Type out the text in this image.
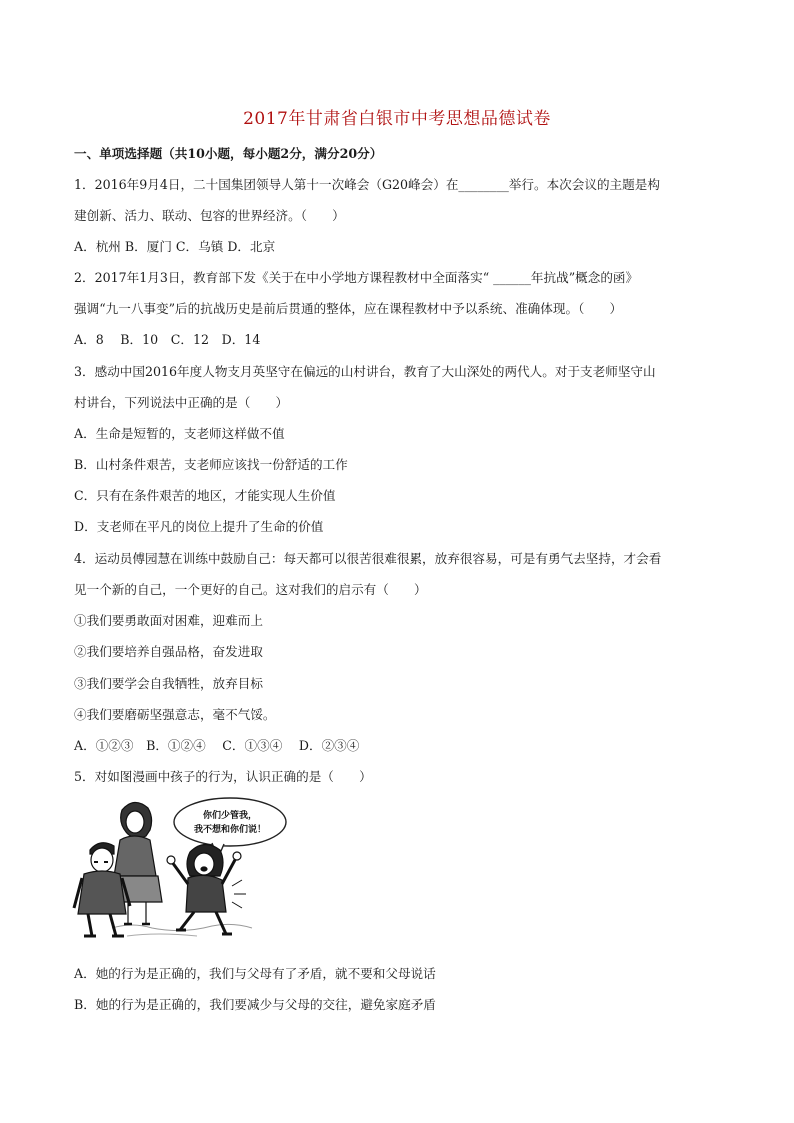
2017年甘肃省白银市中考思想品德试卷
一、单项选择题（共10小题，每小题2分，满分20分）
1．2016年9月4日，二十国集团领导人第十一次峰会（G20峰会）在________举行。本次会议的主题是构
建创新、活力、联动、包容的世界经济。（　　）
A．杭州 B．厦门 C．乌镇 D．北京
2．2017年1月3日，教育部下发《关于在中小学地方课程教材中全面落实“ ______年抗战”概念的函》
强调“九一八事变”后的抗战历史是前后贯通的整体，应在课程教材中予以系统、准确体现。（　　）
A．8　 B．10　C．12　D．14
3．感动中国2016年度人物支月英坚守在偏远的山村讲台，教育了大山深处的两代人。对于支老师坚守山
村讲台，下列说法中正确的是（　　）
A．生命是短暂的，支老师这样做不值
B．山村条件艰苦，支老师应该找一份舒适的工作
C．只有在条件艰苦的地区，才能实现人生价值
D．支老师在平凡的岗位上提升了生命的价值
4．运动员傅园慧在训练中鼓励自己：每天都可以很苦很难很累，放弃很容易，可是有勇气去坚持，才会看
见一个新的自己，一个更好的自己。这对我们的启示有（　　）
①我们要勇敢面对困难，迎难而上
②我们要培养自强品格，奋发进取
③我们要学会自我牺牲，放弃目标
④我们要磨砺坚强意志，毫不气馁。
A．①②③　B．①②④　 C．①③④　 D．②③④
5．对如图漫画中孩子的行为，认识正确的是（　　）
你们少管我，
我不想和你们说！
A．她的行为是正确的，我们与父母有了矛盾，就不要和父母说话
B．她的行为是正确的，我们要减少与父母的交往，避免家庭矛盾
